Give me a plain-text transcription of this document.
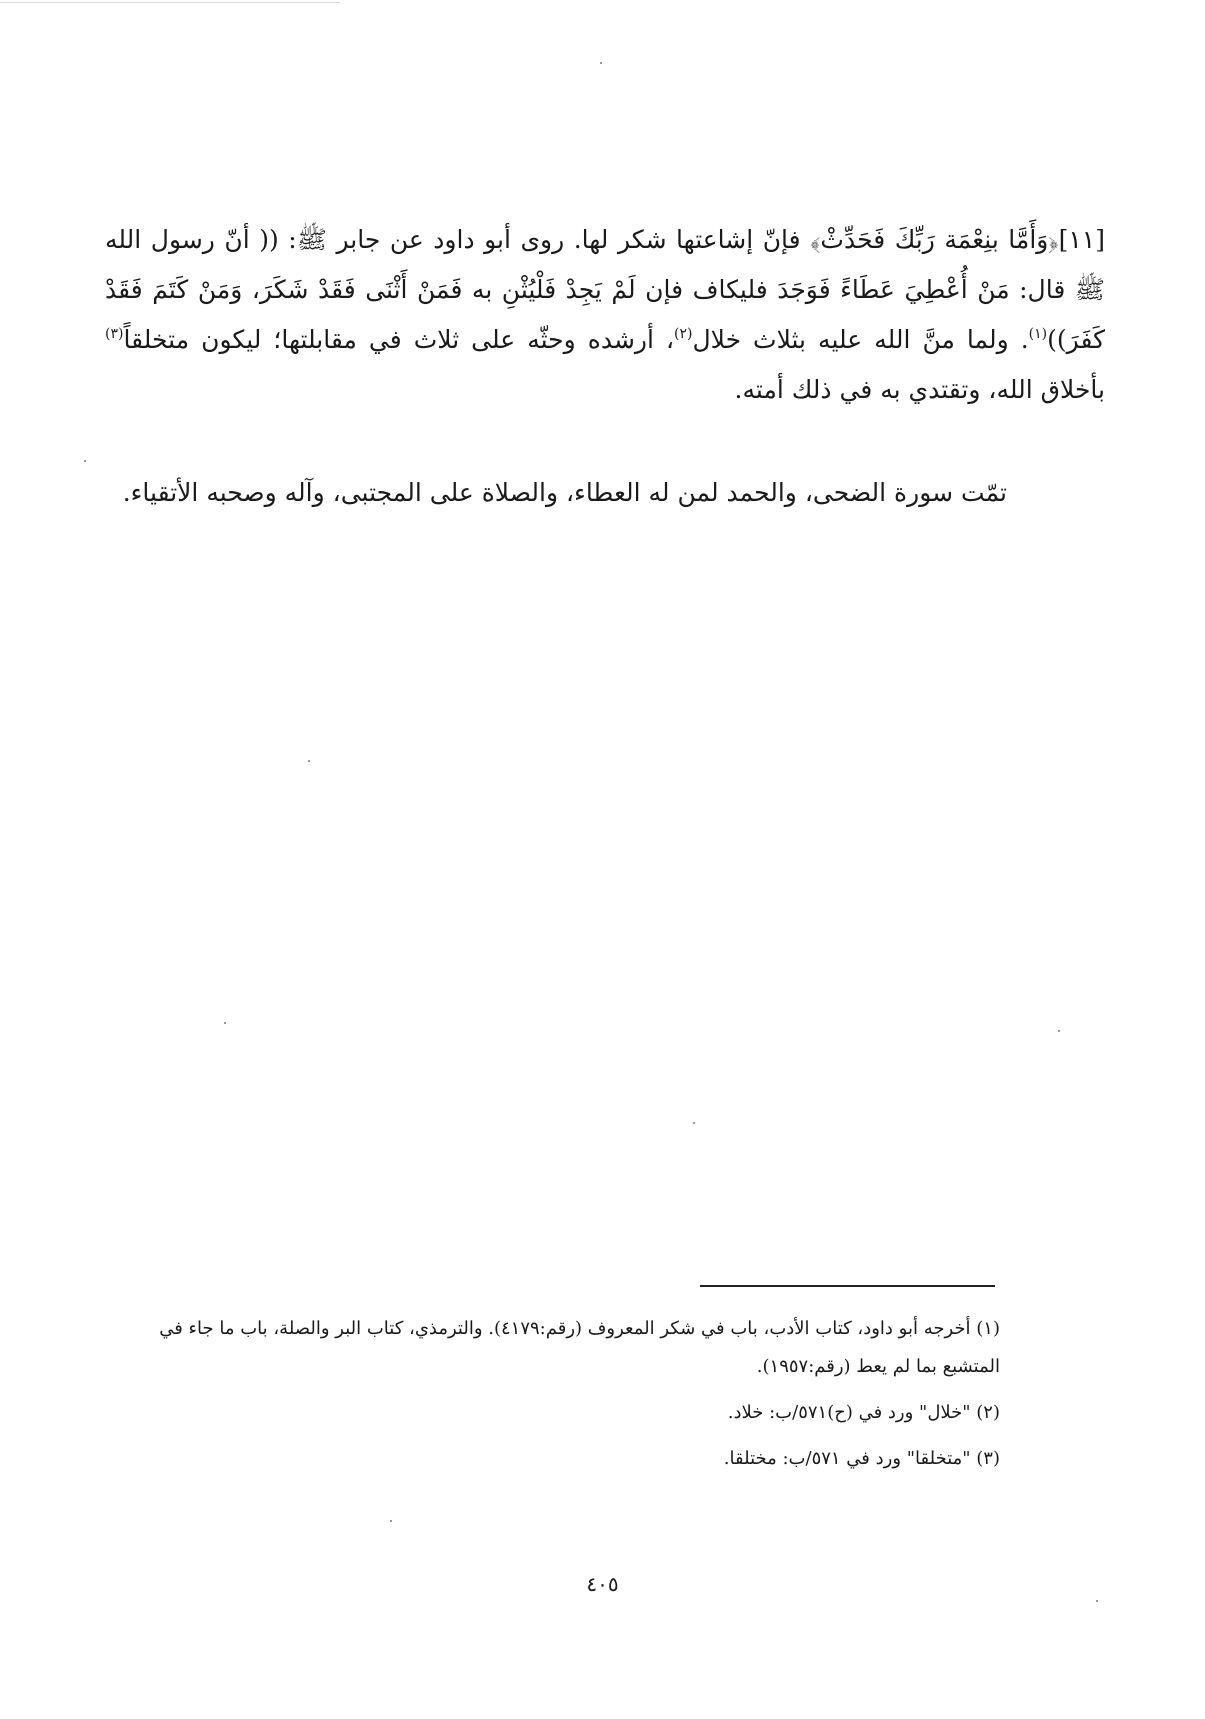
[١١]﴿وَأَمَّا بنِعْمَة رَبِّكَ فَحَدِّثْ﴾ فإنّ إشاعتها شكر لها. روى أبو داود عن جابر ﷺ: (( أنّ رسول الله ﷺ قال: مَنْ أُعْطِيَ عَطَاءً فَوَجَدَ فليكاف فإن لَمْ يَجِدْ فَلْيُثْنِ به فَمَنْ أَثْنَى فَقَدْ شَكَرَ، وَمَنْ كَتَمَ فَقَدْ كَفَرَ))$^{(١)}$. ولما منَّ الله عليه بثلاث خلال$^{(٢)}$، أرشده وحثّه على ثلاث في مقابلتها؛ ليكون متخلقاً$^{(٣)}$ بأخلاق الله، وتقتدي به في ذلك أمته.

تمّت سورة الضحى، والحمد لمن له العطاء، والصلاة على المجتبى، وآله وصحبه الأتقياء.

(١) أخرجه أبو داود، كتاب الأدب، باب في شكر المعروف (رقم:٤١٧٩). والترمذي، كتاب البر والصلة، باب ما جاء في المتشبع بما لم يعط (رقم:١٩٥٧).

(٢) "خلال" ورد في (ح)٥٧١/ب: خلاد.

(٣) "متخلقا" ورد في ٥٧١/ب: مختلقا.

٤٠٥
